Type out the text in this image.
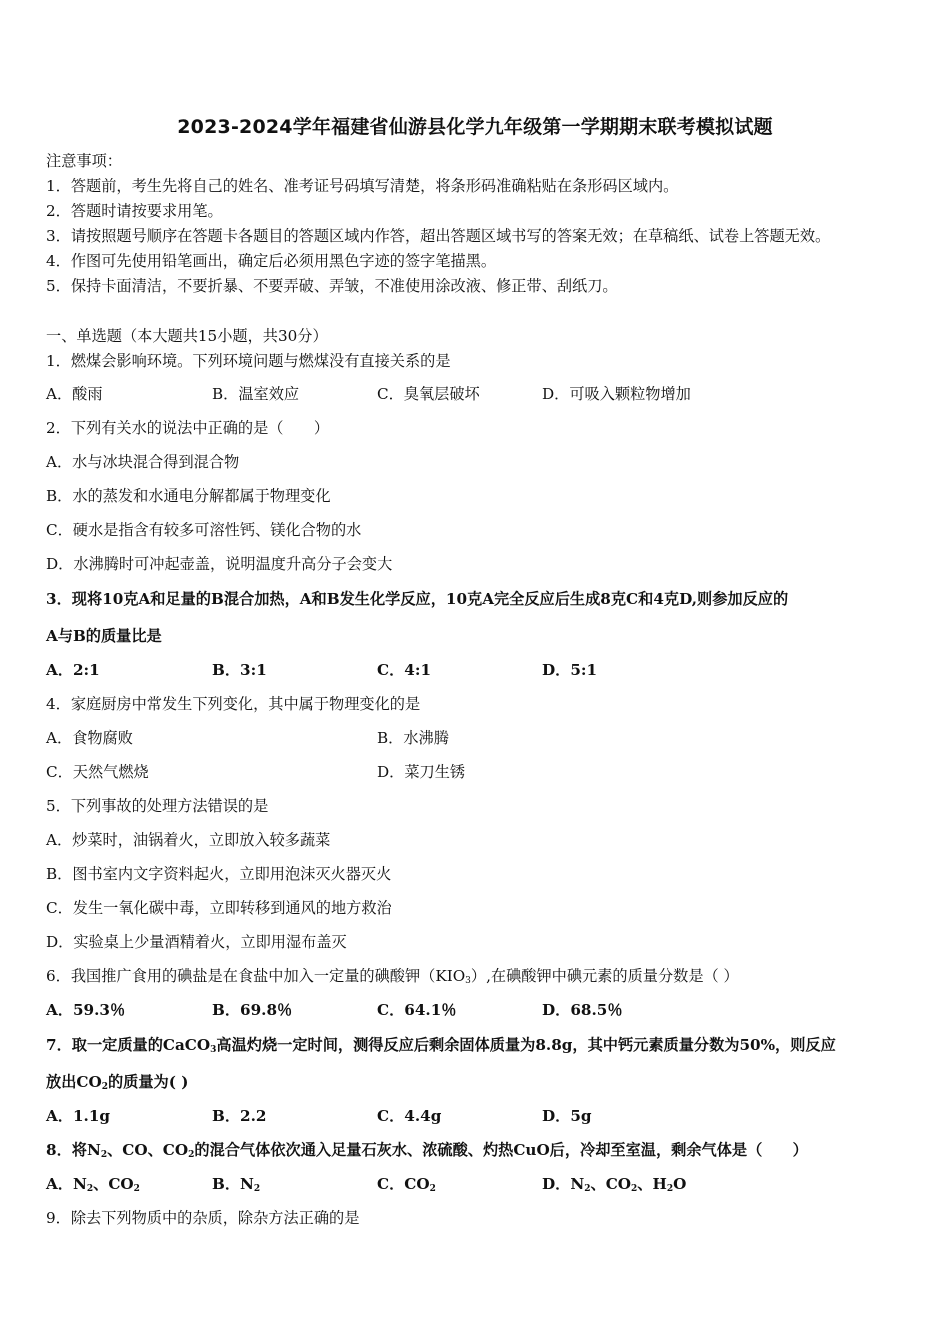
2023-2024学年福建省仙游县化学九年级第一学期期末联考模拟试题
注意事项：
1．答题前，考生先将自己的姓名、准考证号码填写清楚，将条形码准确粘贴在条形码区域内。
2．答题时请按要求用笔。
3．请按照题号顺序在答题卡各题目的答题区域内作答，超出答题区域书写的答案无效；在草稿纸、试卷上答题无效。
4．作图可先使用铅笔画出，确定后必须用黑色字迹的签字笔描黑。
5．保持卡面清洁，不要折暴、不要弄破、弄皱，不准使用涂改液、修正带、刮纸刀。
一、单选题（本大题共15小题，共30分）
1．燃煤会影响环境。下列环境问题与燃煤没有直接关系的是
A．酸雨	B．温室效应	C．臭氧层破坏	D．可吸入颗粒物增加
2．下列有关水的说法中正确的是（　　）
A．水与冰块混合得到混合物
B．水的蒸发和水通电分解都属于物理变化
C．硬水是指含有较多可溶性钙、镁化合物的水
D．水沸腾时可冲起壶盖，说明温度升高分子会变大
3．现将10克A和足量的B混合加热，A和B发生化学反应，10克A完全反应后生成8克C和4克D,则参加反应的
A与B的质量比是
A．2:1	B．3:1	C．4:1	D．5:1
4．家庭厨房中常发生下列变化，其中属于物理变化的是
A．食物腐败	B．水沸腾
C．天然气燃烧	D．菜刀生锈
5．下列事故的处理方法错误的是
A．炒菜时，油锅着火，立即放入较多蔬菜
B．图书室内文字资料起火，立即用泡沫灭火器灭火
C．发生一氧化碳中毒，立即转移到通风的地方救治
D．实验桌上少量酒精着火，立即用湿布盖灭
6．我国推广食用的碘盐是在食盐中加入一定量的碘酸钾$(KIO_3)$,在碘酸钾中碘元素的质量分数是（ ）
A．59.3％	B．69.8％	C．64.1％	D．68.5％
7．取一定质量的CaCO$_3$高温灼烧一定时间，测得反应后剩余固体质量为8.8g，其中钙元素质量分数为50%，则反应
放出$CO_2$的质量为( )
A．1.1g	B．2.2	C．4.4g	D．5g
8．将$N_2$、CO、$CO_2$的混合气体依次通入足量石灰水、浓硫酸、灼热CuO后，冷却至室温，剩余气体是（　　）
A．$N_2$、$CO_2$	B．$N_2$	C．$CO_2$	D．$N_2$、$CO_2$、$H_2O$
9．除去下列物质中的杂质，除杂方法正确的是
